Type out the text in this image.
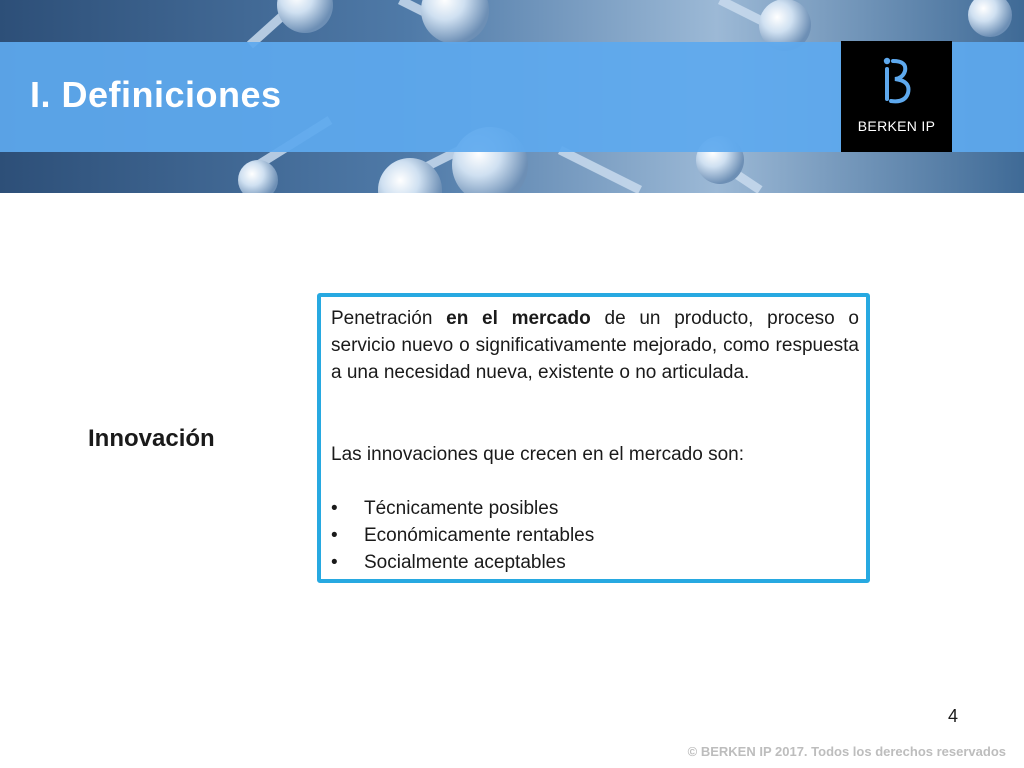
I. Definiciones
BERKEN IP
Innovación

Penetración en el mercado de un producto, proceso o servicio nuevo o significativamente mejorado, como respuesta a una necesidad nueva, existente o no articulada.

Las innovaciones que crecen en el mercado son:

• Técnicamente posibles
• Económicamente rentables
• Socialmente aceptables
4
© BERKEN IP 2017. Todos los derechos reservados
